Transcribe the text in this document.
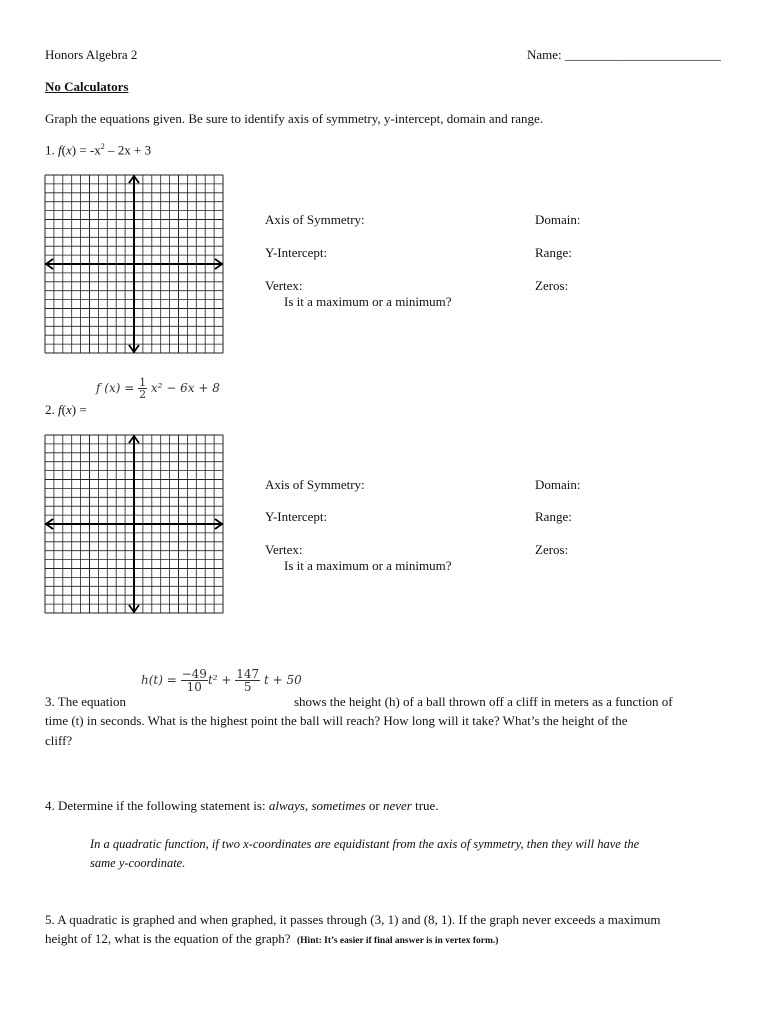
Honors Algebra 2	Name: ________________________
No Calculators
Graph the equations given. Be sure to identify axis of symmetry, y-intercept, domain and range.
1. $f(x) = -x^2 - 2x + 3$
Axis of Symmetry:	Domain:
Y-Intercept:	Range:
Vertex:	Zeros:
Is it a maximum or a minimum?
f $(x) = \frac{1}{2} x^2 - 6x + 8$
2. f(x) =
Axis of Symmetry:	Domain:
Y-Intercept:	Range:
Vertex:	Zeros:
Is it a maximum or a minimum?
$h(t) = \frac{-49}{10} t^2 + \frac{147}{5}$ t + 50
3. The equation	shows the height (h) of a ball thrown off a cliff in meters as a function of
time (t) in seconds. What is the highest point the ball will reach? How long will it take? What’s the height of the
cliff?
4. Determine if the following statement is: always, sometimes or never true.
In a quadratic function, if two x-coordinates are equidistant from the axis of symmetry, then they will have the
same y-coordinate.
5. A quadratic is graphed and when graphed, it passes through (3, 1) and (8, 1). If the graph never exceeds a maximum
height of 12, what is the equation of the graph? (Hint: It’s easier if final answer is in vertex form.)
